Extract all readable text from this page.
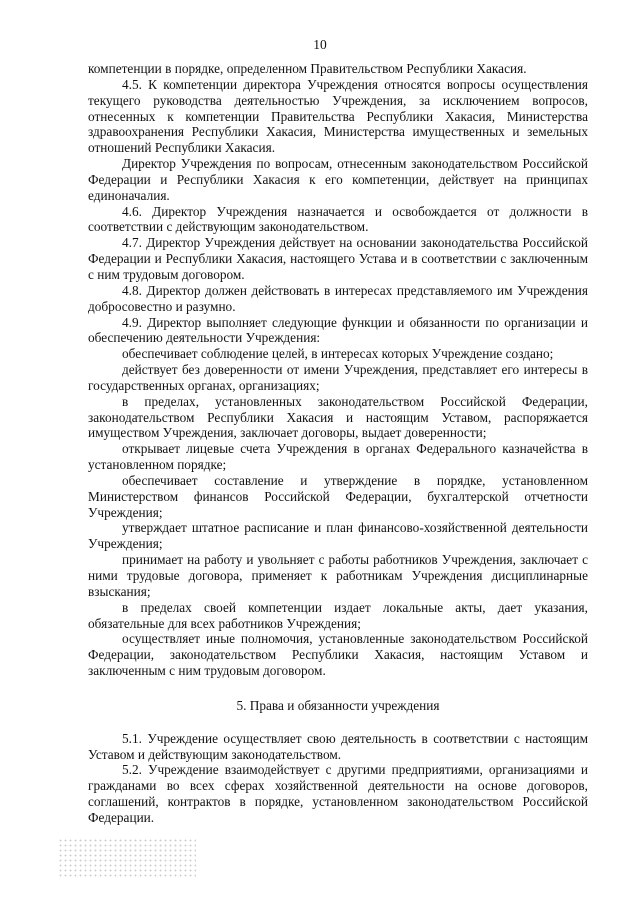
10

компетенции в порядке, определенном Правительством Республики Хакасия.

4.5. К компетенции директора Учреждения относятся вопросы осуществления текущего руководства деятельностью Учреждения, за исключением вопросов, отнесенных к компетенции Правительства Республики Хакасия, Министерства здравоохранения Республики Хакасия, Министерства имущественных и земельных отношений Республики Хакасия.

Директор Учреждения по вопросам, отнесенным законодательством Российской Федерации и Республики Хакасия к его компетенции, действует на принципах единоначалия.

4.6. Директор Учреждения назначается и освобождается от должности в соответствии с действующим законодательством.

4.7. Директор Учреждения действует на основании законодательства Российской Федерации и Республики Хакасия, настоящего Устава и в соответствии с заключенным с ним трудовым договором.

4.8. Директор должен действовать в интересах представляемого им Учреждения добросовестно и разумно.

4.9. Директор выполняет следующие функции и обязанности по организации и обеспечению деятельности Учреждения:

обеспечивает соблюдение целей, в интересах которых Учреждение создано;

действует без доверенности от имени Учреждения, представляет его интересы в государственных органах, организациях;

в пределах, установленных законодательством Российской Федерации, законодательством Республики Хакасия и настоящим Уставом, распоряжается имуществом Учреждения, заключает договоры, выдает доверенности;

открывает лицевые счета Учреждения в органах Федерального казначейства в установленном порядке;

обеспечивает составление и утверждение в порядке, установленном Министерством финансов Российской Федерации, бухгалтерской отчетности Учреждения;

утверждает штатное расписание и план финансово-хозяйственной деятельности Учреждения;

принимает на работу и увольняет с работы работников Учреждения, заключает с ними трудовые договора, применяет к работникам Учреждения дисциплинарные взыскания;

в пределах своей компетенции издает локальные акты, дает указания, обязательные для всех работников Учреждения;

осуществляет иные полномочия, установленные законодательством Российской Федерации, законодательством Республики Хакасия, настоящим Уставом и заключенным с ним трудовым договором.

5. Права и обязанности учреждения

5.1. Учреждение осуществляет свою деятельность в соответствии с настоящим Уставом и действующим законодательством.

5.2. Учреждение взаимодействует с другими предприятиями, организациями и гражданами во всех сферах хозяйственной деятельности на основе договоров, соглашений, контрактов в порядке, установленном законодательством Российской Федерации.
